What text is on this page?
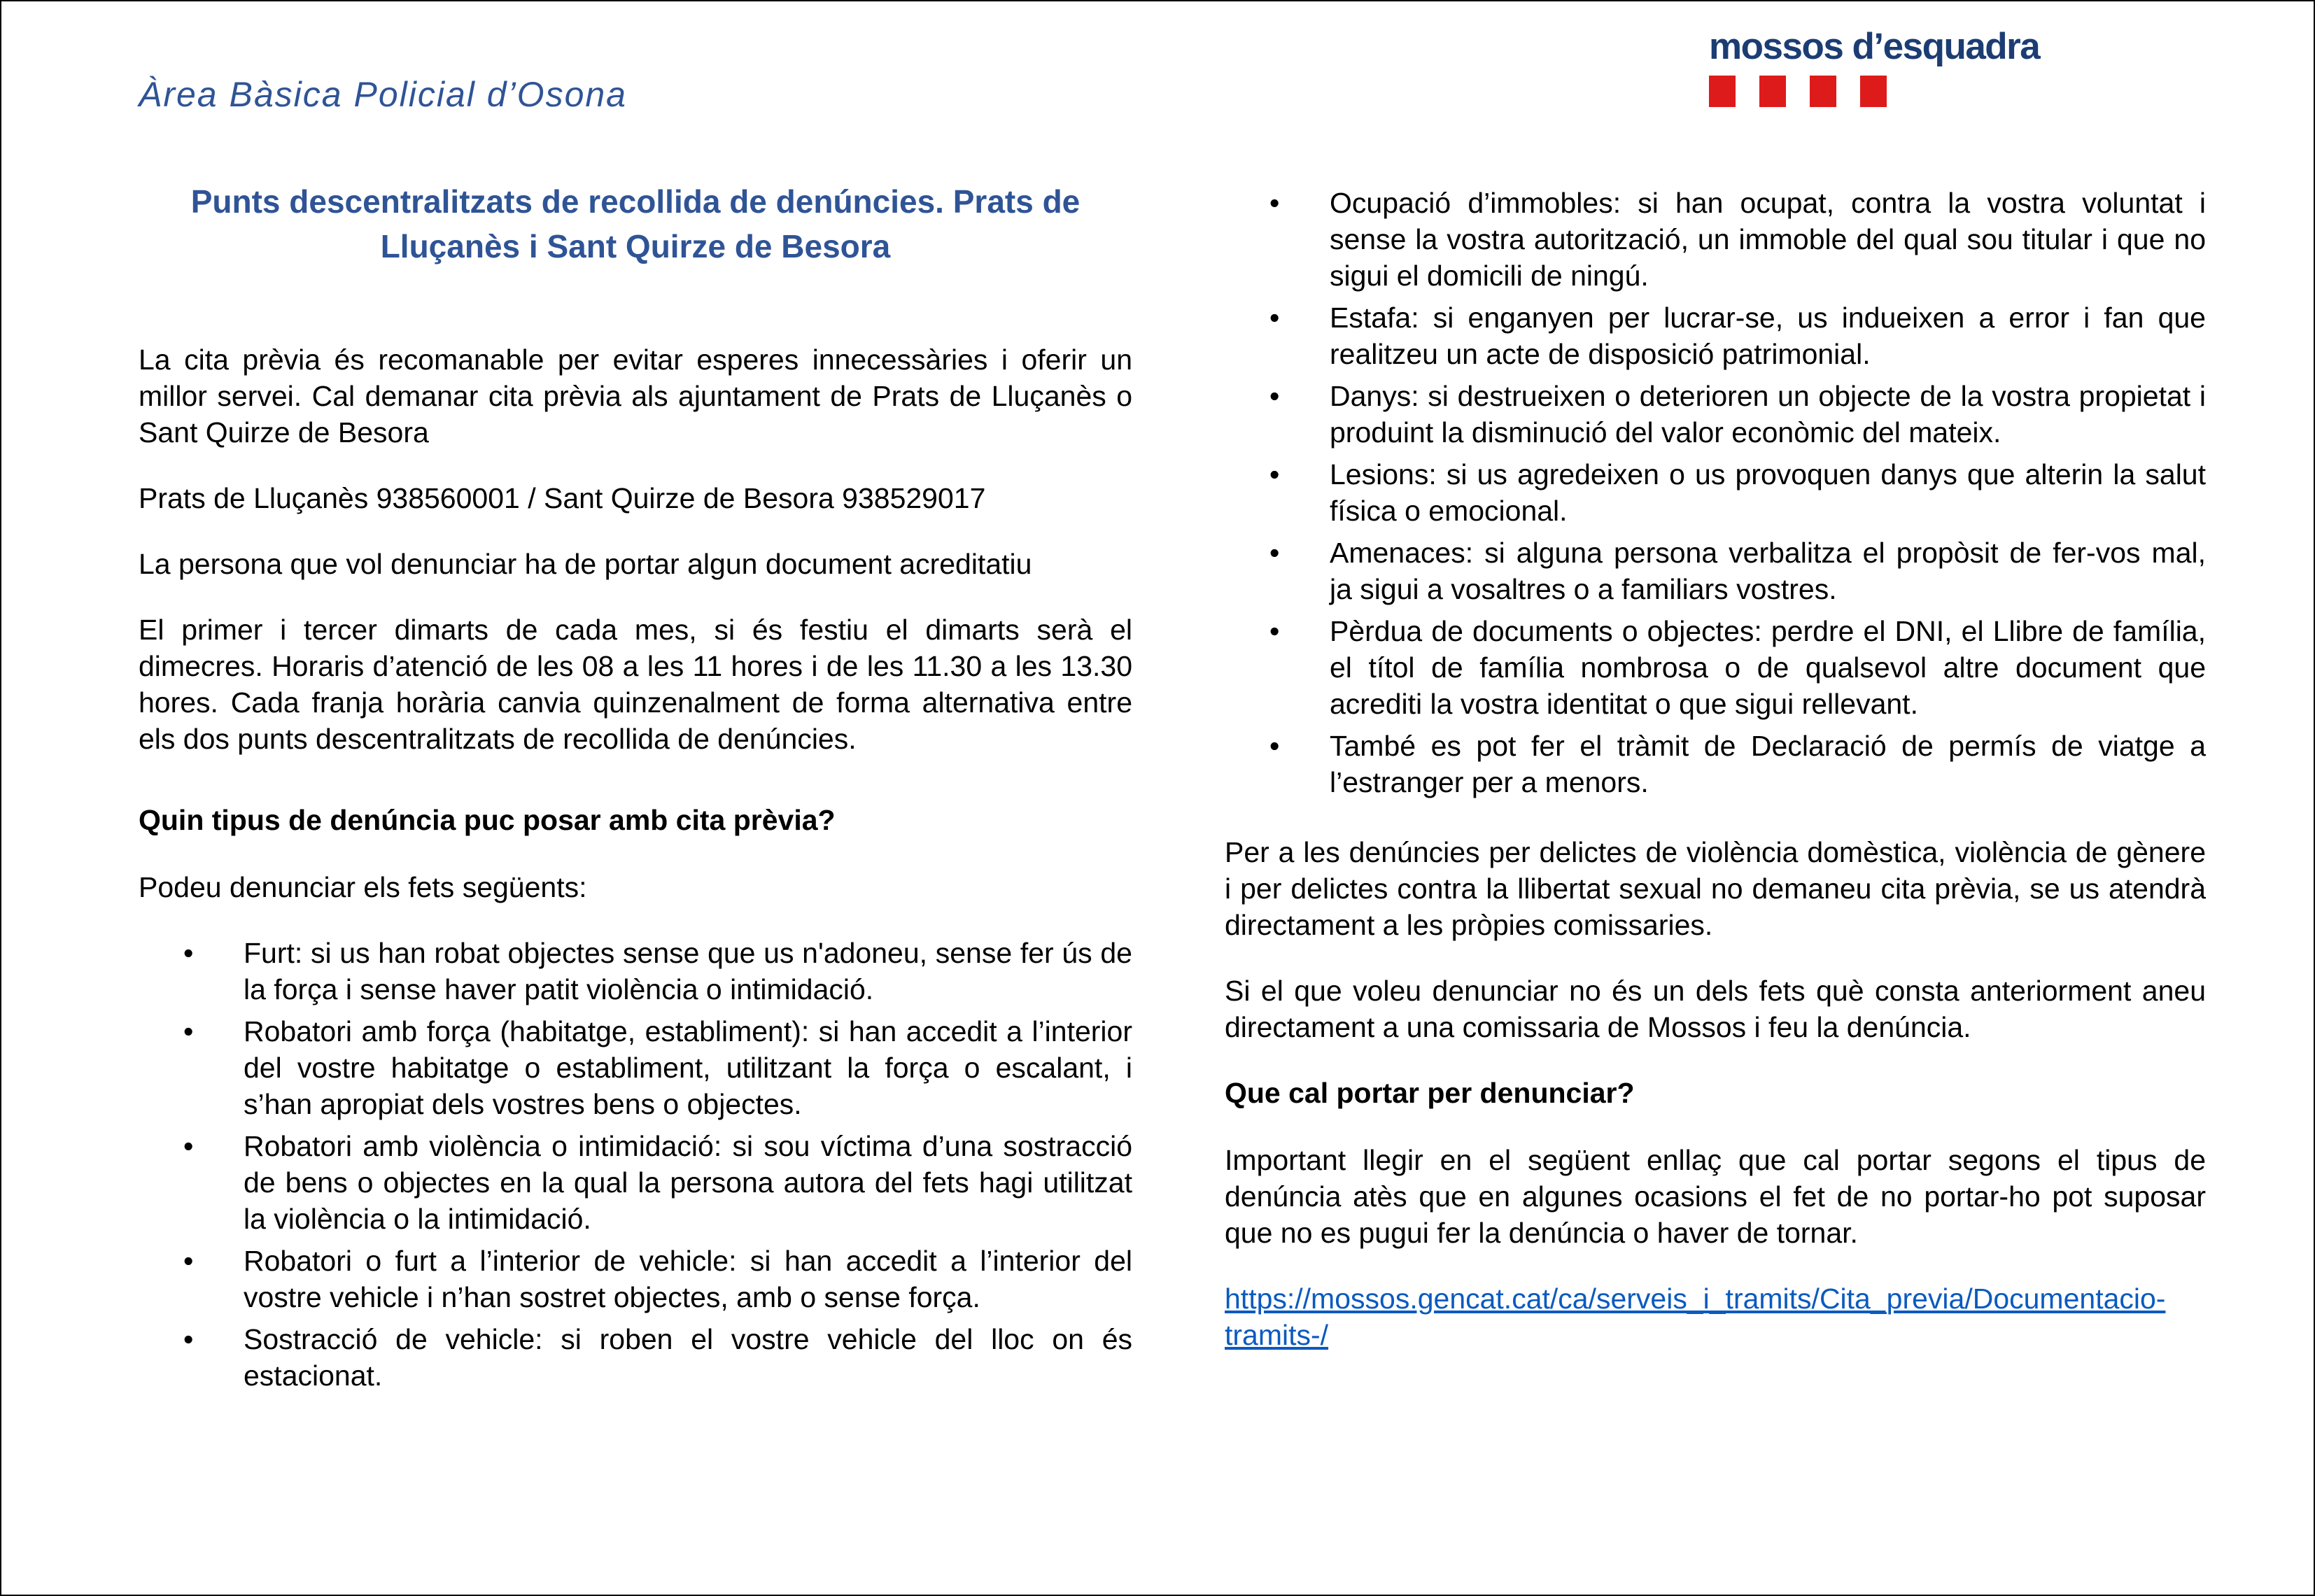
Àrea Bàsica Policial d’Osona
mossos d’esquadra
Punts descentralitzats de recollida de denúncies. Prats de Lluçanès i Sant Quirze de Besora

La cita prèvia és recomanable per evitar esperes innecessàries i oferir un millor servei. Cal demanar cita prèvia als ajuntament de Prats de Lluçanès o Sant Quirze de Besora

Prats de Lluçanès 938560001 / Sant Quirze de Besora 938529017

La persona que vol denunciar ha de portar algun document acreditatiu

El primer i tercer dimarts de cada mes, si és festiu el dimarts serà el dimecres. Horaris d’atenció de les 08 a les 11 hores i de les 11.30 a les 13.30 hores. Cada franja horària canvia quinzenalment de forma alternativa entre els dos punts descentralitzats de recollida de denúncies.

Quin tipus de denúncia puc posar amb cita prèvia?

Podeu denunciar els fets següents:

• Furt: si us han robat objectes sense que us n'adoneu, sense fer ús de la força i sense haver patit violència o intimidació.
• Robatori amb força (habitatge, establiment): si han accedit a l’interior del vostre habitatge o establiment, utilitzant la força o escalant, i s’han apropiat dels vostres bens o objectes.
• Robatori amb violència o intimidació: si sou víctima d’una sostracció de bens o objectes en la qual la persona autora del fets hagi utilitzat la violència o la intimidació.
• Robatori o furt a l’interior de vehicle: si han accedit a l’interior del vostre vehicle i n’han sostret objectes, amb o sense força.
• Sostracció de vehicle: si roben el vostre vehicle del lloc on és estacionat.
• Ocupació d’immobles: si han ocupat, contra la vostra voluntat i sense la vostra autorització, un immoble del qual sou titular i que no sigui el domicili de ningú.
• Estafa: si enganyen per lucrar-se, us indueixen a error i fan que realitzeu un acte de disposició patrimonial.
• Danys: si destrueixen o deterioren un objecte de la vostra propietat i produint la disminució del valor econòmic del mateix.
• Lesions: si us agredeixen o us provoquen danys que alterin la salut física o emocional.
• Amenaces: si alguna persona verbalitza el propòsit de fer-vos mal, ja sigui a vosaltres o a familiars vostres.
• Pèrdua de documents o objectes: perdre el DNI, el Llibre de família, el títol de família nombrosa o de qualsevol altre document que acrediti la vostra identitat o que sigui rellevant.
• També es pot fer el tràmit de Declaració de permís de viatge a l’estranger per a menors.

Per a les denúncies per delictes de violència domèstica, violència de gènere i per delictes contra la llibertat sexual no demaneu cita prèvia, se us atendrà directament a les pròpies comissaries.

Si el que voleu denunciar no és un dels fets què consta anteriorment aneu directament a una comissaria de Mossos i feu la denúncia.

Que cal portar per denunciar?

Important llegir en el següent enllaç que cal portar segons el tipus de denúncia atès que en algunes ocasions el fet de no portar-ho pot suposar que no es pugui fer la denúncia o haver de tornar.

https://mossos.gencat.cat/ca/serveis_i_tramits/Cita_previa/Documentacio-
tramits-/
